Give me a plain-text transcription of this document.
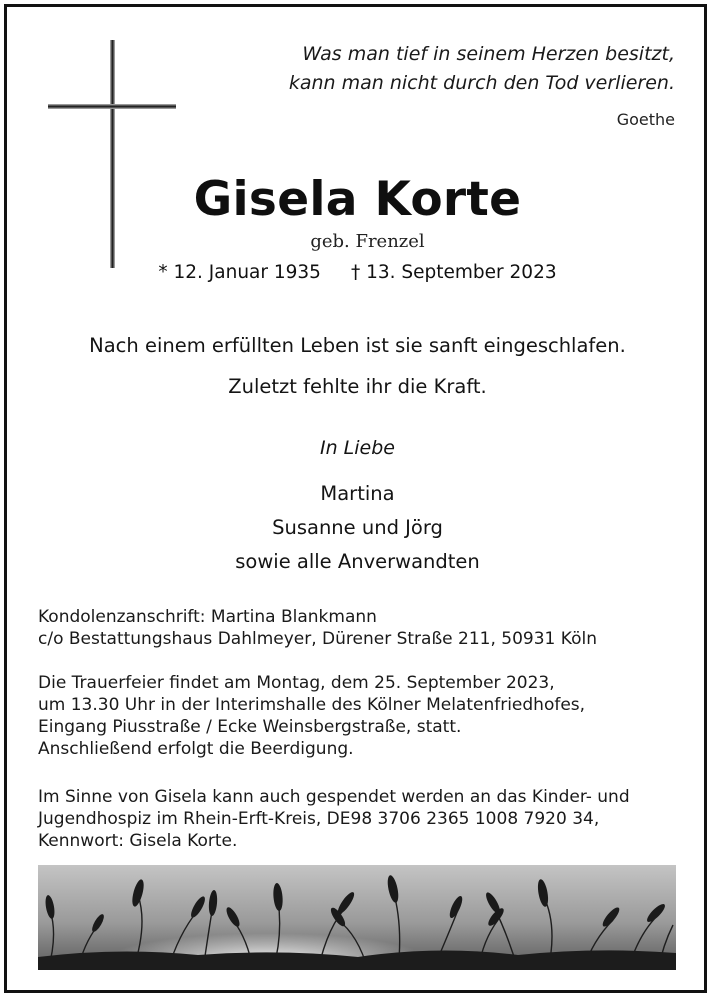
Was man tief in seinem Herzen besitzt,
kann man nicht durch den Tod verlieren.
Goethe
Gisela Korte
geb. Frenzel
* 12. Januar 1935 † 13. September 2023
Nach einem erfüllten Leben ist sie sanft eingeschlafen.
Zuletzt fehlte ihr die Kraft.
In Liebe
Martina
Susanne und Jörg
sowie alle Anverwandten
Kondolenzanschrift: Martina Blankmann
c/o Bestattungshaus Dahlmeyer, Dürener Straße 211, 50931 Köln
Die Trauerfeier findet am Montag, dem 25. September 2023,
um 13.30 Uhr in der Interimshalle des Kölner Melatenfriedhofes,
Eingang Piusstraße / Ecke Weinsbergstraße, statt.
Anschließend erfolgt die Beerdigung.
Im Sinne von Gisela kann auch gespendet werden an das Kinder- und
Jugendhospiz im Rhein-Erft-Kreis, DE98 3706 2365 1008 7920 34,
Kennwort: Gisela Korte.
